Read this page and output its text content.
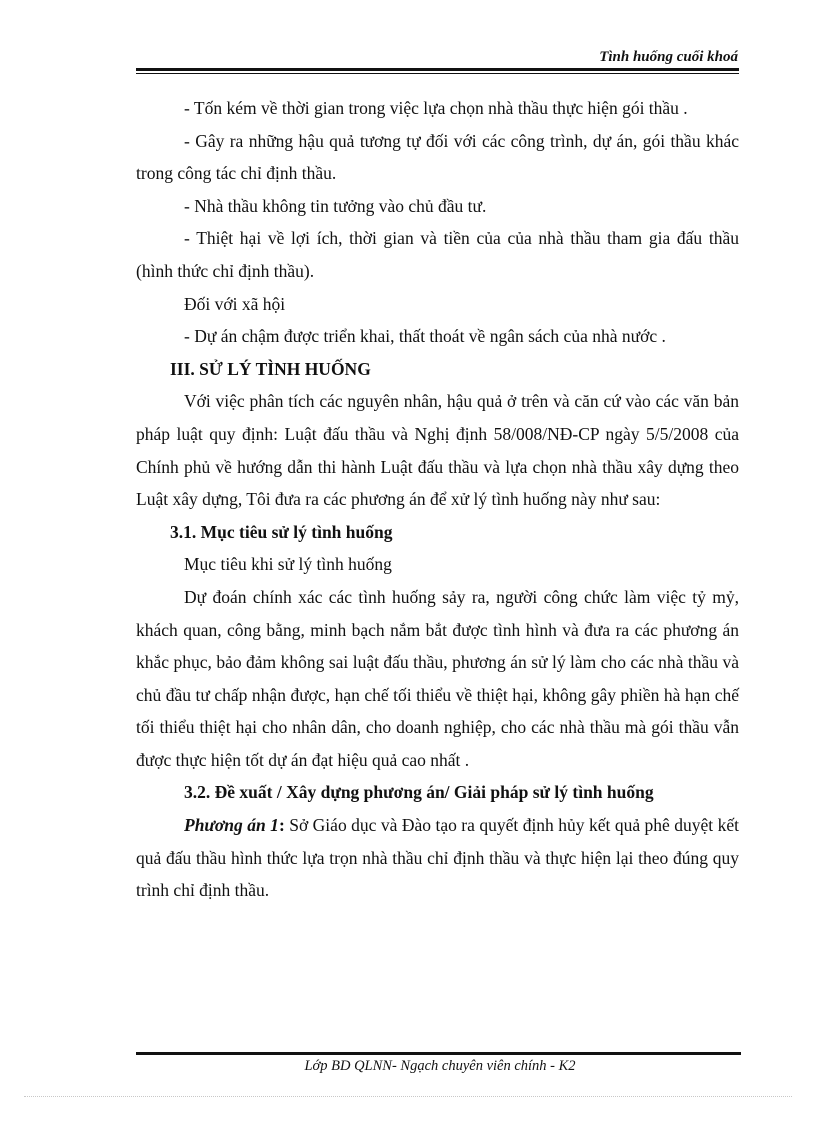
Tình huống cuối khoá

- Tốn kém về thời gian trong việc lựa chọn nhà thầu thực hiện gói thầu .

- Gây ra những hậu quả tương tự đối với các công trình, dự án, gói thầu khác trong công tác chỉ định thầu.

- Nhà thầu không tin tưởng vào chủ đầu tư.

- Thiệt hại về lợi ích, thời gian và tiền của của nhà thầu tham gia đấu thầu (hình thức chỉ định thầu).

Đối với xã hội

- Dự án chậm được triển khai, thất thoát về ngân sách của nhà nước .

III. SỬ LÝ TÌNH HUỐNG

Với việc phân tích các nguyên nhân, hậu quả ở trên và căn cứ vào các văn bản pháp luật quy định: Luật đấu thầu và Nghị định 58/008/NĐ-CP ngày 5/5/2008 của Chính phủ về hướng dẫn thi hành Luật đấu thầu và lựa chọn nhà thầu xây dựng theo Luật xây dựng, Tôi đưa ra các phương án để xử lý tình huống này như sau:

3.1. Mục tiêu sử lý tình huống

Mục tiêu khi sử lý tình huống

Dự đoán chính xác các tình huống sảy ra, người công chức làm việc tỷ mỷ, khách quan, công bằng, minh bạch nắm bắt được tình hình và đưa ra các phương án khắc phục, bảo đảm không sai luật đấu thầu, phương án sử lý làm cho các nhà thầu và chủ đầu tư chấp nhận được, hạn chế tối thiểu về thiệt hại, không gây phiền hà hạn chế tối thiểu thiệt hại cho nhân dân, cho doanh nghiệp, cho các nhà thầu mà gói thầu vẫn được thực hiện tốt dự án đạt hiệu quả cao nhất .

3.2. Đề xuất / Xây dựng phương án/ Giải pháp sử lý tình huống

Phương án 1: Sở Giáo dục và Đào tạo ra quyết định hủy kết quả phê duyệt kết quả đấu thầu hình thức lựa trọn nhà thầu chỉ định thầu và thực hiện lại theo đúng quy trình chỉ định thầu.

Lớp BD QLNN- Ngạch chuyên viên chính - K2
